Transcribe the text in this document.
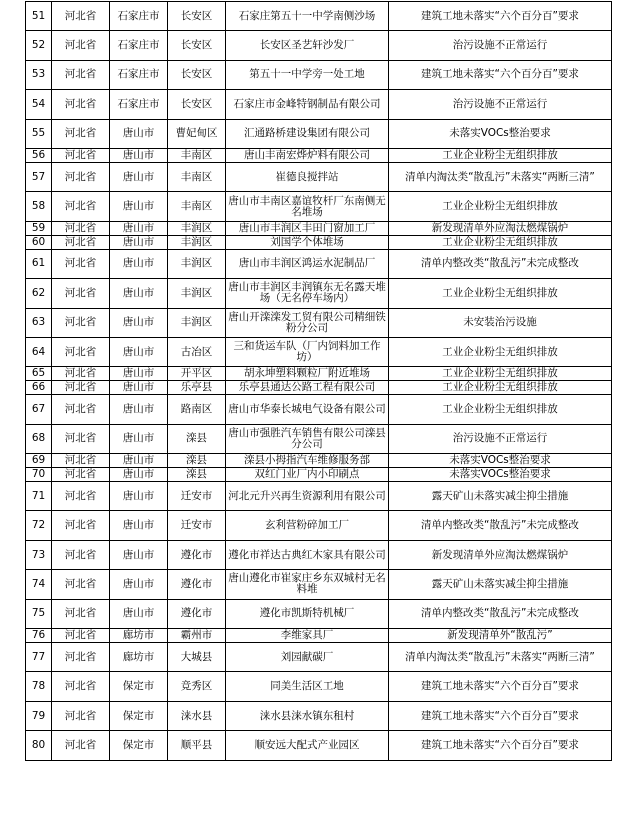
51	河北省	石家庄市	长安区	石家庄第五十一中学南侧沙场	建筑工地未落实“六个百分百”要求
52	河北省	石家庄市	长安区	长安区圣艺轩沙发厂	治污设施不正常运行
53	河北省	石家庄市	长安区	第五十一中学旁一处工地	建筑工地未落实“六个百分百”要求
54	河北省	石家庄市	长安区	石家庄市金峰特钢制品有限公司	治污设施不正常运行
55	河北省	唐山市	曹妃甸区	汇通路桥建设集团有限公司	未落实VOCs整治要求
56	河北省	唐山市	丰南区	唐山丰南宏烨炉料有限公司	工业企业粉尘无组织排放
57	河北省	唐山市	丰南区	崔德良搅拌站	清单内淘汰类“散乱污”未落实“两断三清”
58	河北省	唐山市	丰南区	唐山市丰南区嘉谊牧杆厂东南侧无名堆场	工业企业粉尘无组织排放
59	河北省	唐山市	丰润区	唐山市丰润区丰田门窗加工厂	新发现清单外应淘汰燃煤锅炉
60	河北省	唐山市	丰润区	刘国学个体堆场	工业企业粉尘无组织排放
61	河北省	唐山市	丰润区	唐山市丰润区鸿运水泥制品厂	清单内整改类“散乱污”未完成整改
62	河北省	唐山市	丰润区	唐山市丰润区丰润镇东无名露天堆场（无名停车场内）	工业企业粉尘无组织排放
63	河北省	唐山市	丰润区	唐山开滦滦发工贸有限公司精细铁粉分公司	未安装治污设施
64	河北省	唐山市	古冶区	三和货运车队（厂内饲料加工作坊）	工业企业粉尘无组织排放
65	河北省	唐山市	开平区	胡永坤塑料颗粒厂附近堆场	工业企业粉尘无组织排放
66	河北省	唐山市	乐亭县	乐亭县通达公路工程有限公司	工业企业粉尘无组织排放
67	河北省	唐山市	路南区	唐山市华泰长城电气设备有限公司	工业企业粉尘无组织排放
68	河北省	唐山市	滦县	唐山市强胜汽车销售有限公司滦县分公司	治污设施不正常运行
69	河北省	唐山市	滦县	滦县小拇指汽车维修服务部	未落实VOCs整治要求
70	河北省	唐山市	滦县	双红门业厂内小印刷点	未落实VOCs整治要求
71	河北省	唐山市	迁安市	河北元升兴再生资源利用有限公司	露天矿山未落实减尘抑尘措施
72	河北省	唐山市	迁安市	玄利营粉碎加工厂	清单内整改类“散乱污”未完成整改
73	河北省	唐山市	遵化市	遵化市祥达古典红木家具有限公司	新发现清单外应淘汰燃煤锅炉
74	河北省	唐山市	遵化市	唐山遵化市崔家庄乡东双城村无名料堆	露天矿山未落实减尘抑尘措施
75	河北省	唐山市	遵化市	遵化市凯斯特机械厂	清单内整改类“散乱污”未完成整改
76	河北省	廊坊市	霸州市	李维家具厂	新发现清单外“散乱污”
77	河北省	廊坊市	大城县	刘园献碳厂	清单内淘汰类“散乱污”未落实“两断三清”
78	河北省	保定市	竞秀区	同美生活区工地	建筑工地未落实“六个百分百”要求
79	河北省	保定市	涞水县	涞水县涞水镇东租村	建筑工地未落实“六个百分百”要求
80	河北省	保定市	顺平县	顺安远大配式产业园区	建筑工地未落实“六个百分百”要求
